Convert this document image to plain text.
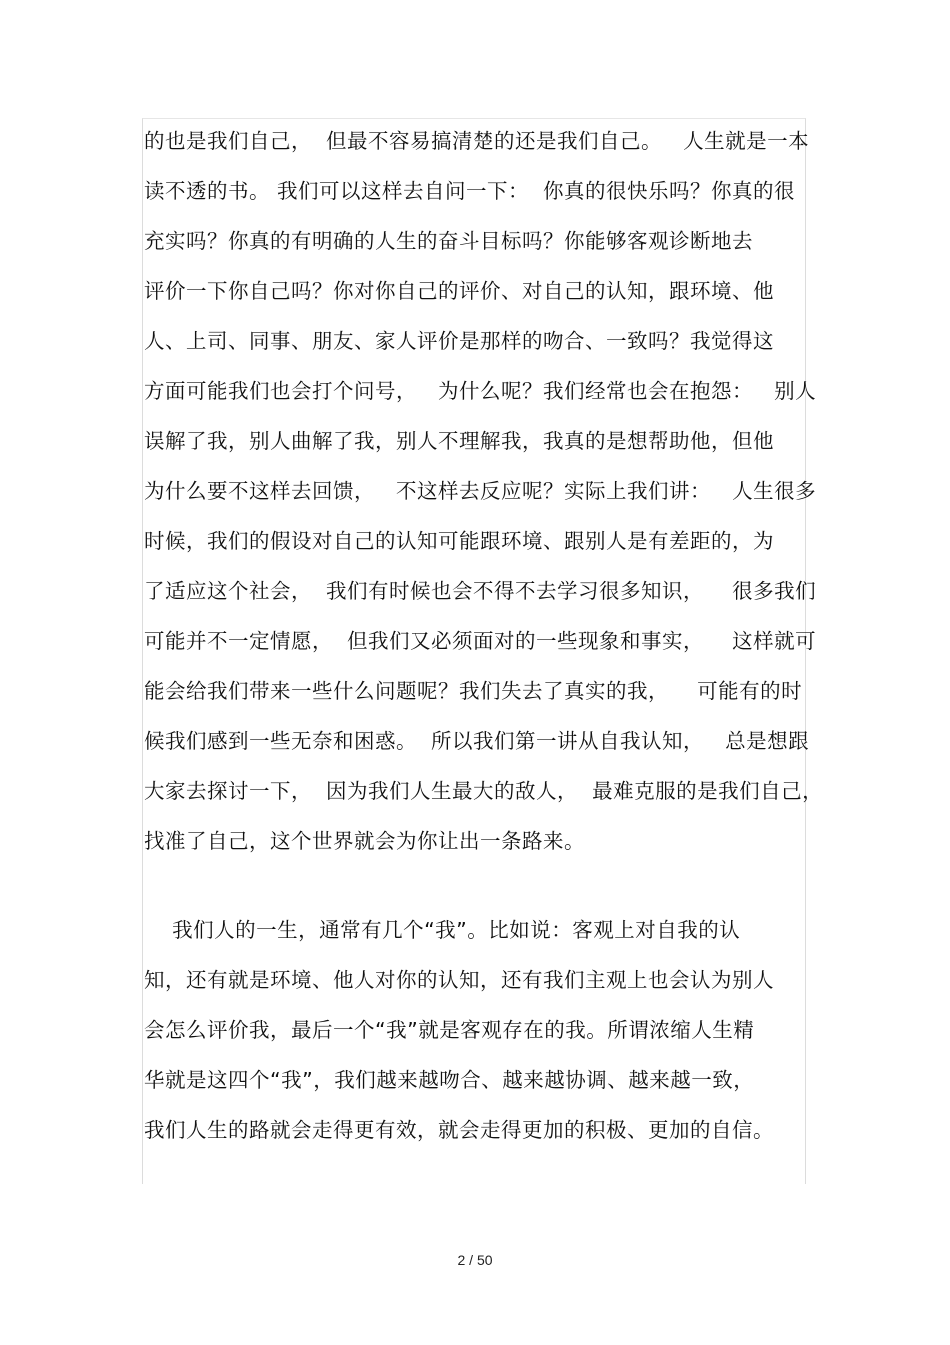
的也是我们自己，  但最不容易搞清楚的还是我们自己。   人生就是一本
读不透的书。 我们可以这样去自问一下：  你真的很快乐吗？你真的很
充实吗？你真的有明确的人生的奋斗目标吗？你能够客观诊断地去
评价一下你自己吗？你对你自己的评价、对自己的认知，跟环境、他
人、上司、同事、朋友、家人评价是那样的吻合、一致吗？我觉得这
方面可能我们也会打个问号，   为什么呢？我们经常也会在抱怨：   别人
误解了我，别人曲解了我，别人不理解我，我真的是想帮助他，但他
为什么要不这样去回馈，   不这样去反应呢？实际上我们讲：   人生很多
时候，我们的假设对自己的认知可能跟环境、跟别人是有差距的，为
了适应这个社会，  我们有时候也会不得不去学习很多知识，    很多我们
可能并不一定情愿，  但我们又必须面对的一些现象和事实，    这样就可
能会给我们带来一些什么问题呢？我们失去了真实的我，    可能有的时
候我们感到一些无奈和困惑。  所以我们第一讲从自我认知，   总是想跟
大家去探讨一下，  因为我们人生最大的敌人，  最难克服的是我们自己，
找准了自己，这个世界就会为你让出一条路来。
我们人的一生，通常有几个“我”。比如说：客观上对自我的认
知，还有就是环境、他人对你的认知，还有我们主观上也会认为别人
会怎么评价我，最后一个“我”就是客观存在的我。所谓浓缩人生精
华就是这四个“我”，我们越来越吻合、越来越协调、越来越一致，
我们人生的路就会走得更有效，就会走得更加的积极、更加的自信。
2 / 50
